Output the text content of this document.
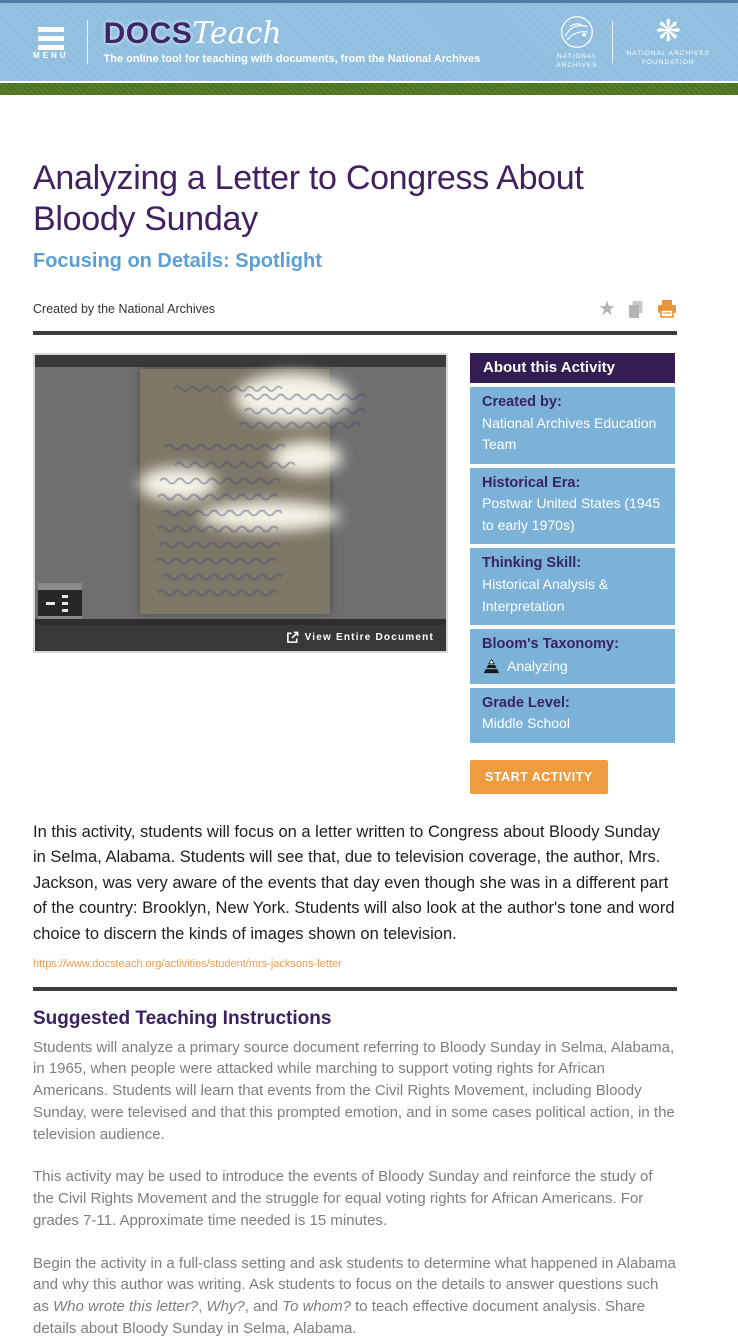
MENU
DOCS Teach
The online tool for teaching with documents, from the National Archives	NATIONAL
ARCHIVES
❋
NATIONAL ARCHIVES
FOUNDATION
Analyzing a Letter to Congress About Bloody Sunday
Focusing on Details: Spotlight
Created by the National Archives	★
View Entire Document
About this Activity
Created by:
National Archives Education Team
Historical Era:
Postwar United States (1945 to early 1970s)
Thinking Skill:
Historical Analysis & Interpretation
Bloom's Taxonomy:
Analyzing
Grade Level:
Middle School
START ACTIVITY

In this activity, students will focus on a letter written to Congress about Bloody Sunday in Selma, Alabama. Students will see that, due to television coverage, the author, Mrs. Jackson, was very aware of the events that day even though she was in a different part of the country: Brooklyn, New York. Students will also look at the author's tone and word choice to discern the kinds of images shown on television.

https://www.docsteach.org/activities/student/mrs-jacksons-letter
Suggested Teaching Instructions

Students will analyze a primary source document referring to Bloody Sunday in Selma, Alabama, in 1965, when people were attacked while marching to support voting rights for African Americans. Students will learn that events from the Civil Rights Movement, including Bloody Sunday, were televised and that this prompted emotion, and in some cases political action, in the television audience.

This activity may be used to introduce the events of Bloody Sunday and reinforce the study of the Civil Rights Movement and the struggle for equal voting rights for African Americans. For grades 7-11. Approximate time needed is 15 minutes.

Begin the activity in a full-class setting and ask students to determine what happened in Alabama and why this author was writing. Ask students to focus on the details to answer questions such as Who wrote this letter?, Why?, and To whom? to teach effective document analysis. Share details about Bloody Sunday in Selma, Alabama.
